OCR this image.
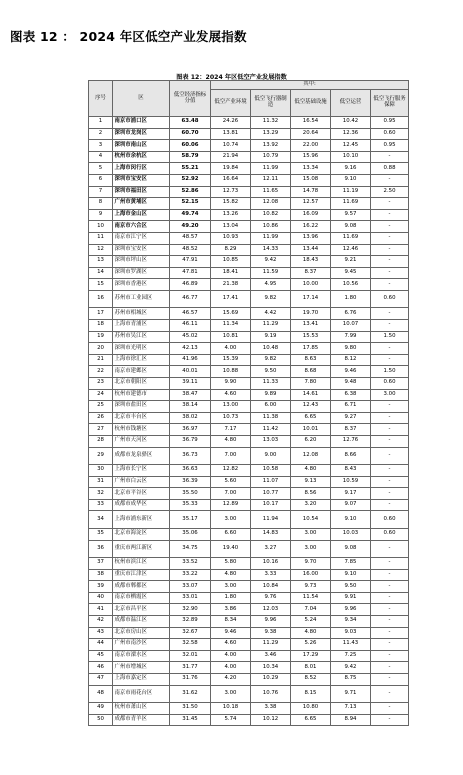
图表 12 ： 2024 年区低空产业发展指数
图表 12：2024 年区低空产业发展指数
序号	区	低空经济指标分值	其中:				
			低空产业环境	低空飞行器制造	低空基础设施	低空运营	低空飞行服务保障
1	南京市浦口区	63.48	24.26	11.32	16.54	10.42	0.95
2	深圳市龙岗区	60.70	13.81	13.29	20.64	12.36	0.60
3	深圳市南山区	60.06	10.74	13.92	22.00	12.45	0.95
4	杭州市余杭区	58.79	21.94	10.79	15.96	10.10	-
5	上海市闵行区	55.21	19.84	11.99	13.34	9.16	0.88
6	深圳市宝安区	52.92	16.64	12.11	15.08	9.10	-
7	深圳市福田区	52.86	12.73	11.65	14.78	11.19	2.50
8	广州市黄埔区	52.15	15.82	12.08	12.57	11.69	-
9	上海市金山区	49.74	13.26	10.82	16.09	9.57	-
10	南京市六合区	49.20	13.04	10.86	16.22	9.08	-
11	南京市江宁区	48.57	10.93	11.99	13.96	11.69	-
12	深圳市宝安区	48.52	8.29	14.33	13.44	12.46	-
13	深圳市坪山区	47.91	10.85	9.42	18.43	9.21	-
14	深圳市罗湖区	47.81	18.41	11.59	8.37	9.45	-
15	深圳市香港区	46.89	21.38	4.95	10.00	10.56	-
16	苏州市工业园区	46.77	17.41	9.82	17.14	1.80	0.60
17	苏州市相城区	46.57	15.69	4.42	19.70	6.76	-
18	上海市青浦区	46.11	11.34	11.29	13.41	10.07	-
19	苏州市吴江区	45.02	10.81	9.19	15.53	7.99	1.50
20	深圳市光明区	42.13	4.00	10.48	17.85	9.80	-
21	上海市徐汇区	41.96	15.39	9.82	8.63	8.12	-
22	南京市建邺区	40.01	10.88	9.50	8.68	9.46	1.50
23	北京市朝阳区	39.11	9.90	11.33	7.80	9.48	0.60
24	杭州市建德市	38.47	4.60	9.89	14.61	6.38	3.00
25	深圳市盐田区	38.14	13.00	6.00	12.43	6.71	-
26	北京市丰台区	38.02	10.73	11.38	6.65	9.27	-
27	杭州市钱塘区	36.97	7.17	11.42	10.01	8.37	-
28	广州市天河区	36.79	4.80	13.03	6.20	12.76	-
29	成都市龙泉驿区	36.73	7.00	9.00	12.08	8.66	-
30	上海市长宁区	36.63	12.82	10.58	4.80	8.43	-
31	广州市白云区	36.39	5.60	11.07	9.13	10.59	-
32	北京市平谷区	35.50	7.00	10.77	8.56	9.17	-
33	成都市成华区	35.33	12.89	10.17	3.20	9.07	-
34	上海市浦东新区	35.17	3.00	11.94	10.54	9.10	0.60
35	北京市海淀区	35.06	6.60	14.83	3.00	10.03	0.60
36	重庆市两江新区	34.75	19.40	3.27	3.00	9.08	-
37	杭州市滨江区	33.52	5.80	10.16	9.70	7.85	-
38	重庆市江津区	33.22	4.80	3.33	16.00	9.10	-
39	成都市郫都区	33.07	3.00	10.84	9.73	9.50	-
40	南京市栖霞区	33.01	1.80	9.76	11.54	9.91	-
41	北京市昌平区	32.90	3.86	12.03	7.04	9.96	-
42	成都市温江区	32.89	8.34	9.96	5.24	9.34	-
43	北京市房山区	32.67	9.46	9.38	4.80	9.03	-
44	广州市南沙区	32.58	4.60	11.29	5.26	11.43	-
45	南京市溧水区	32.01	4.00	3.46	17.29	7.25	-
46	广州市增城区	31.77	4.00	10.34	8.01	9.42	-
47	上海市嘉定区	31.76	4.20	10.29	8.52	8.75	-
48	南京市雨花台区	31.62	3.00	10.76	8.15	9.71	-
49	杭州市萧山区	31.50	10.18	3.38	10.80	7.13	-
50	成都市青羊区	31.45	5.74	10.12	6.65	8.94	-
